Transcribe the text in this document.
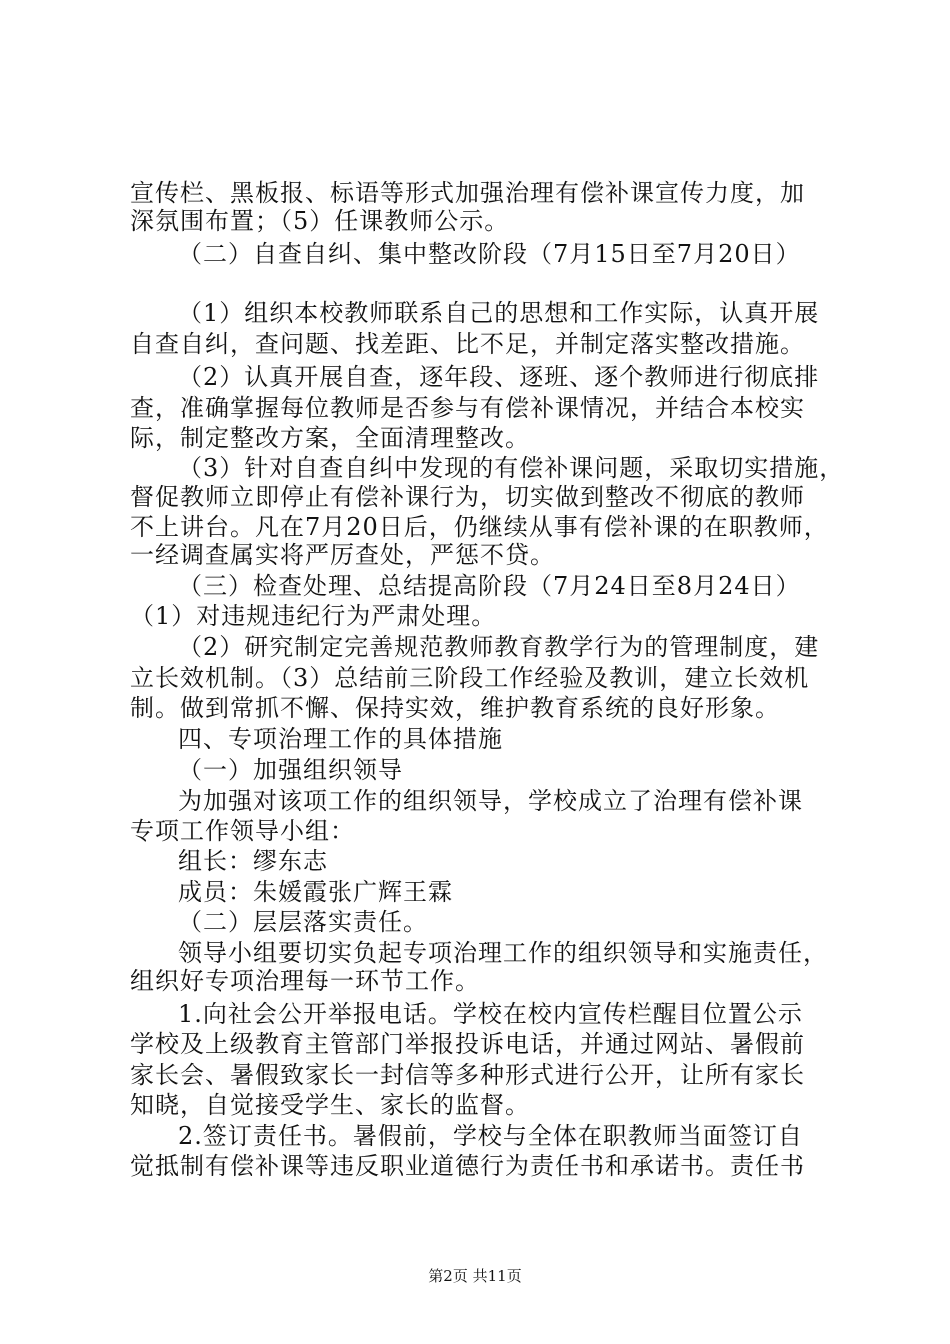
宣传栏、黑板报、标语等形式加强治理有偿补课宣传力度，加
深氛围布置；（5）任课教师公示。
（二）自查自纠、集中整改阶段（7月15日至7月20日）
（1）组织本校教师联系自己的思想和工作实际，认真开展
自查自纠，查问题、找差距、比不足，并制定落实整改措施。
（2）认真开展自查，逐年段、逐班、逐个教师进行彻底排
查，准确掌握每位教师是否参与有偿补课情况，并结合本校实
际，制定整改方案，全面清理整改。
（3）针对自查自纠中发现的有偿补课问题，采取切实措施，
督促教师立即停止有偿补课行为，切实做到整改不彻底的教师
不上讲台。凡在7月20日后，仍继续从事有偿补课的在职教师，
一经调查属实将严厉查处，严惩不贷。
（三）检查处理、总结提高阶段（7月24日至8月24日）
（1）对违规违纪行为严肃处理。
（2）研究制定完善规范教师教育教学行为的管理制度，建
立长效机制。（3）总结前三阶段工作经验及教训，建立长效机
制。做到常抓不懈、保持实效，维护教育系统的良好形象。
四、专项治理工作的具体措施
（一）加强组织领导
为加强对该项工作的组织领导，学校成立了治理有偿补课
专项工作领导小组：
组长：缪东志
成员：朱媛霞张广辉王霖
（二）层层落实责任。
领导小组要切实负起专项治理工作的组织领导和实施责任，
组织好专项治理每一环节工作。
1.向社会公开举报电话。学校在校内宣传栏醒目位置公示
学校及上级教育主管部门举报投诉电话，并通过网站、暑假前
家长会、暑假致家长一封信等多种形式进行公开，让所有家长
知晓，自觉接受学生、家长的监督。
2.签订责任书。暑假前，学校与全体在职教师当面签订自
觉抵制有偿补课等违反职业道德行为责任书和承诺书。责任书
第2页 共11页
